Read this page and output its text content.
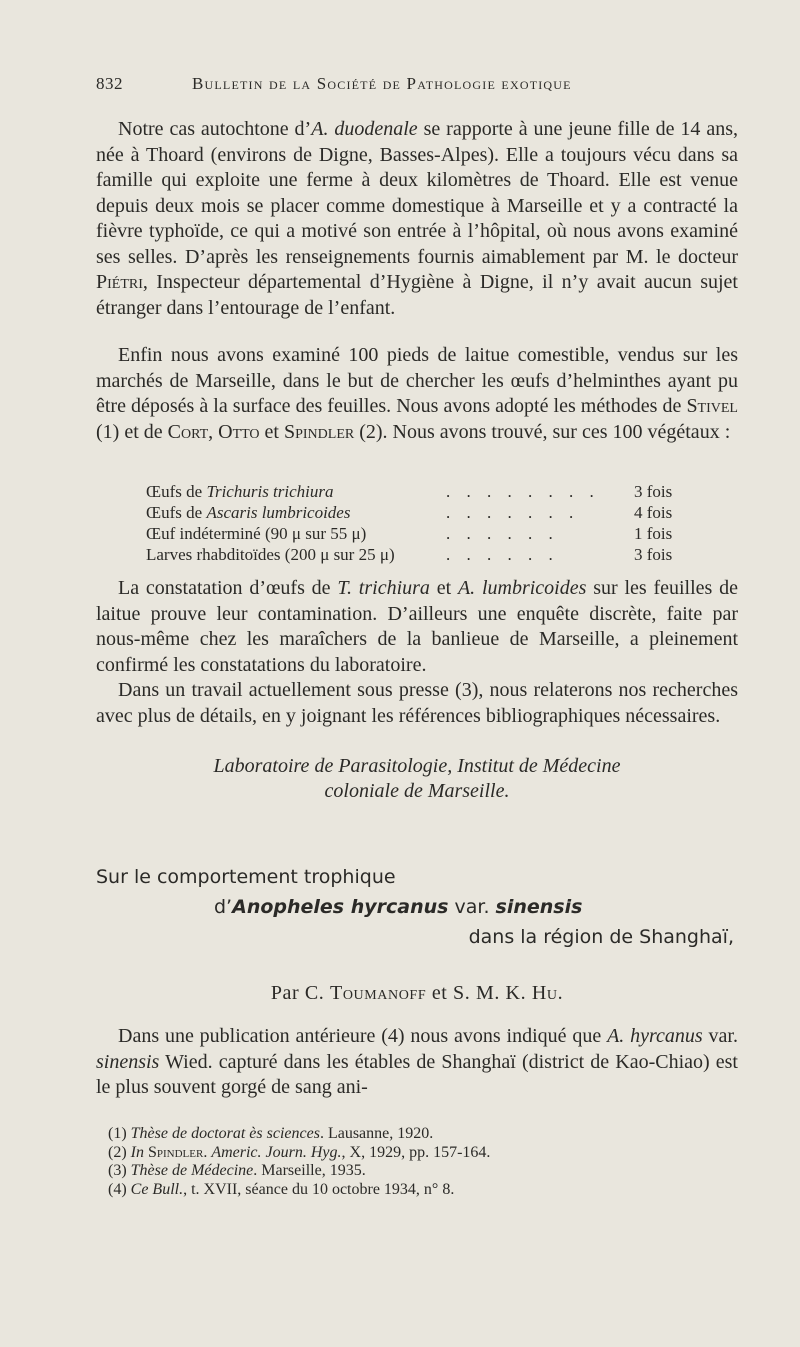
832	Bulletin de la Société de Pathologie exotique

Notre cas autochtone d’A. duodenale se rapporte à une jeune fille de 14 ans, née à Thoard (environs de Digne, Basses-Alpes). Elle a toujours vécu dans sa famille qui exploite une ferme à deux kilomètres de Thoard. Elle est venue depuis deux mois se placer comme domestique à Marseille et y a contracté la fièvre typhoïde, ce qui a motivé son entrée à l’hôpital, où nous avons examiné ses selles. D’après les renseignements fournis aimablement par M. le docteur Piétri, Inspecteur départemental d’Hygiène à Digne, il n’y avait aucun sujet étranger dans l’entourage de l’enfant.

Enfin nous avons examiné 100 pieds de laitue comestible, vendus sur les marchés de Marseille, dans le but de chercher les œufs d’helminthes ayant pu être déposés à la surface des feuilles. Nous avons adopté les méthodes de Stivel (1) et de Cort, Otto et Spindler (2). Nous avons trouvé, sur ces 100 végétaux :

Œufs de Trichuris trichiura	. . . . . . . . 3 fois
Œufs de Ascaris lumbricoides	. . . . . . .	4 fois
Œuf indéterminé (90 μ sur 55 μ)	. . . . . .	1 fois
Larves rhabditoïdes (200 μ sur 25 μ)	. . . . . .	3 fois

La constatation d’œufs de T. trichiura et A. lumbricoides sur les feuilles de laitue prouve leur contamination. D’ailleurs une enquête discrète, faite par nous-même chez les maraîchers de la banlieue de Marseille, a pleinement confirmé les constatations du laboratoire.

Dans un travail actuellement sous presse (3), nous relaterons nos recherches avec plus de détails, en y joignant les références bibliographiques nécessaires.

Laboratoire de Parasitologie, Institut de Médecine
coloniale de Marseille.
Sur le comportement trophique
d’Anopheles hyrcanus var. sinensis
dans la région de Shanghaï,
Par C. Toumanoff et S. M. K. Hu.

Dans une publication antérieure (4) nous avons indiqué que A. hyrcanus var. sinensis Wied. capturé dans les étables de Shanghaï (district de Kao-Chiao) est le plus souvent gorgé de sang ani-

(1) Thèse de doctorat ès sciences. Lausanne, 1920.
(2) In Spindler. Americ. Journ. Hyg., X, 1929, pp. 157-164.
(3) Thèse de Médecine. Marseille, 1935.
(4) Ce Bull., t. XVII, séance du 10 octobre 1934, n° 8.
